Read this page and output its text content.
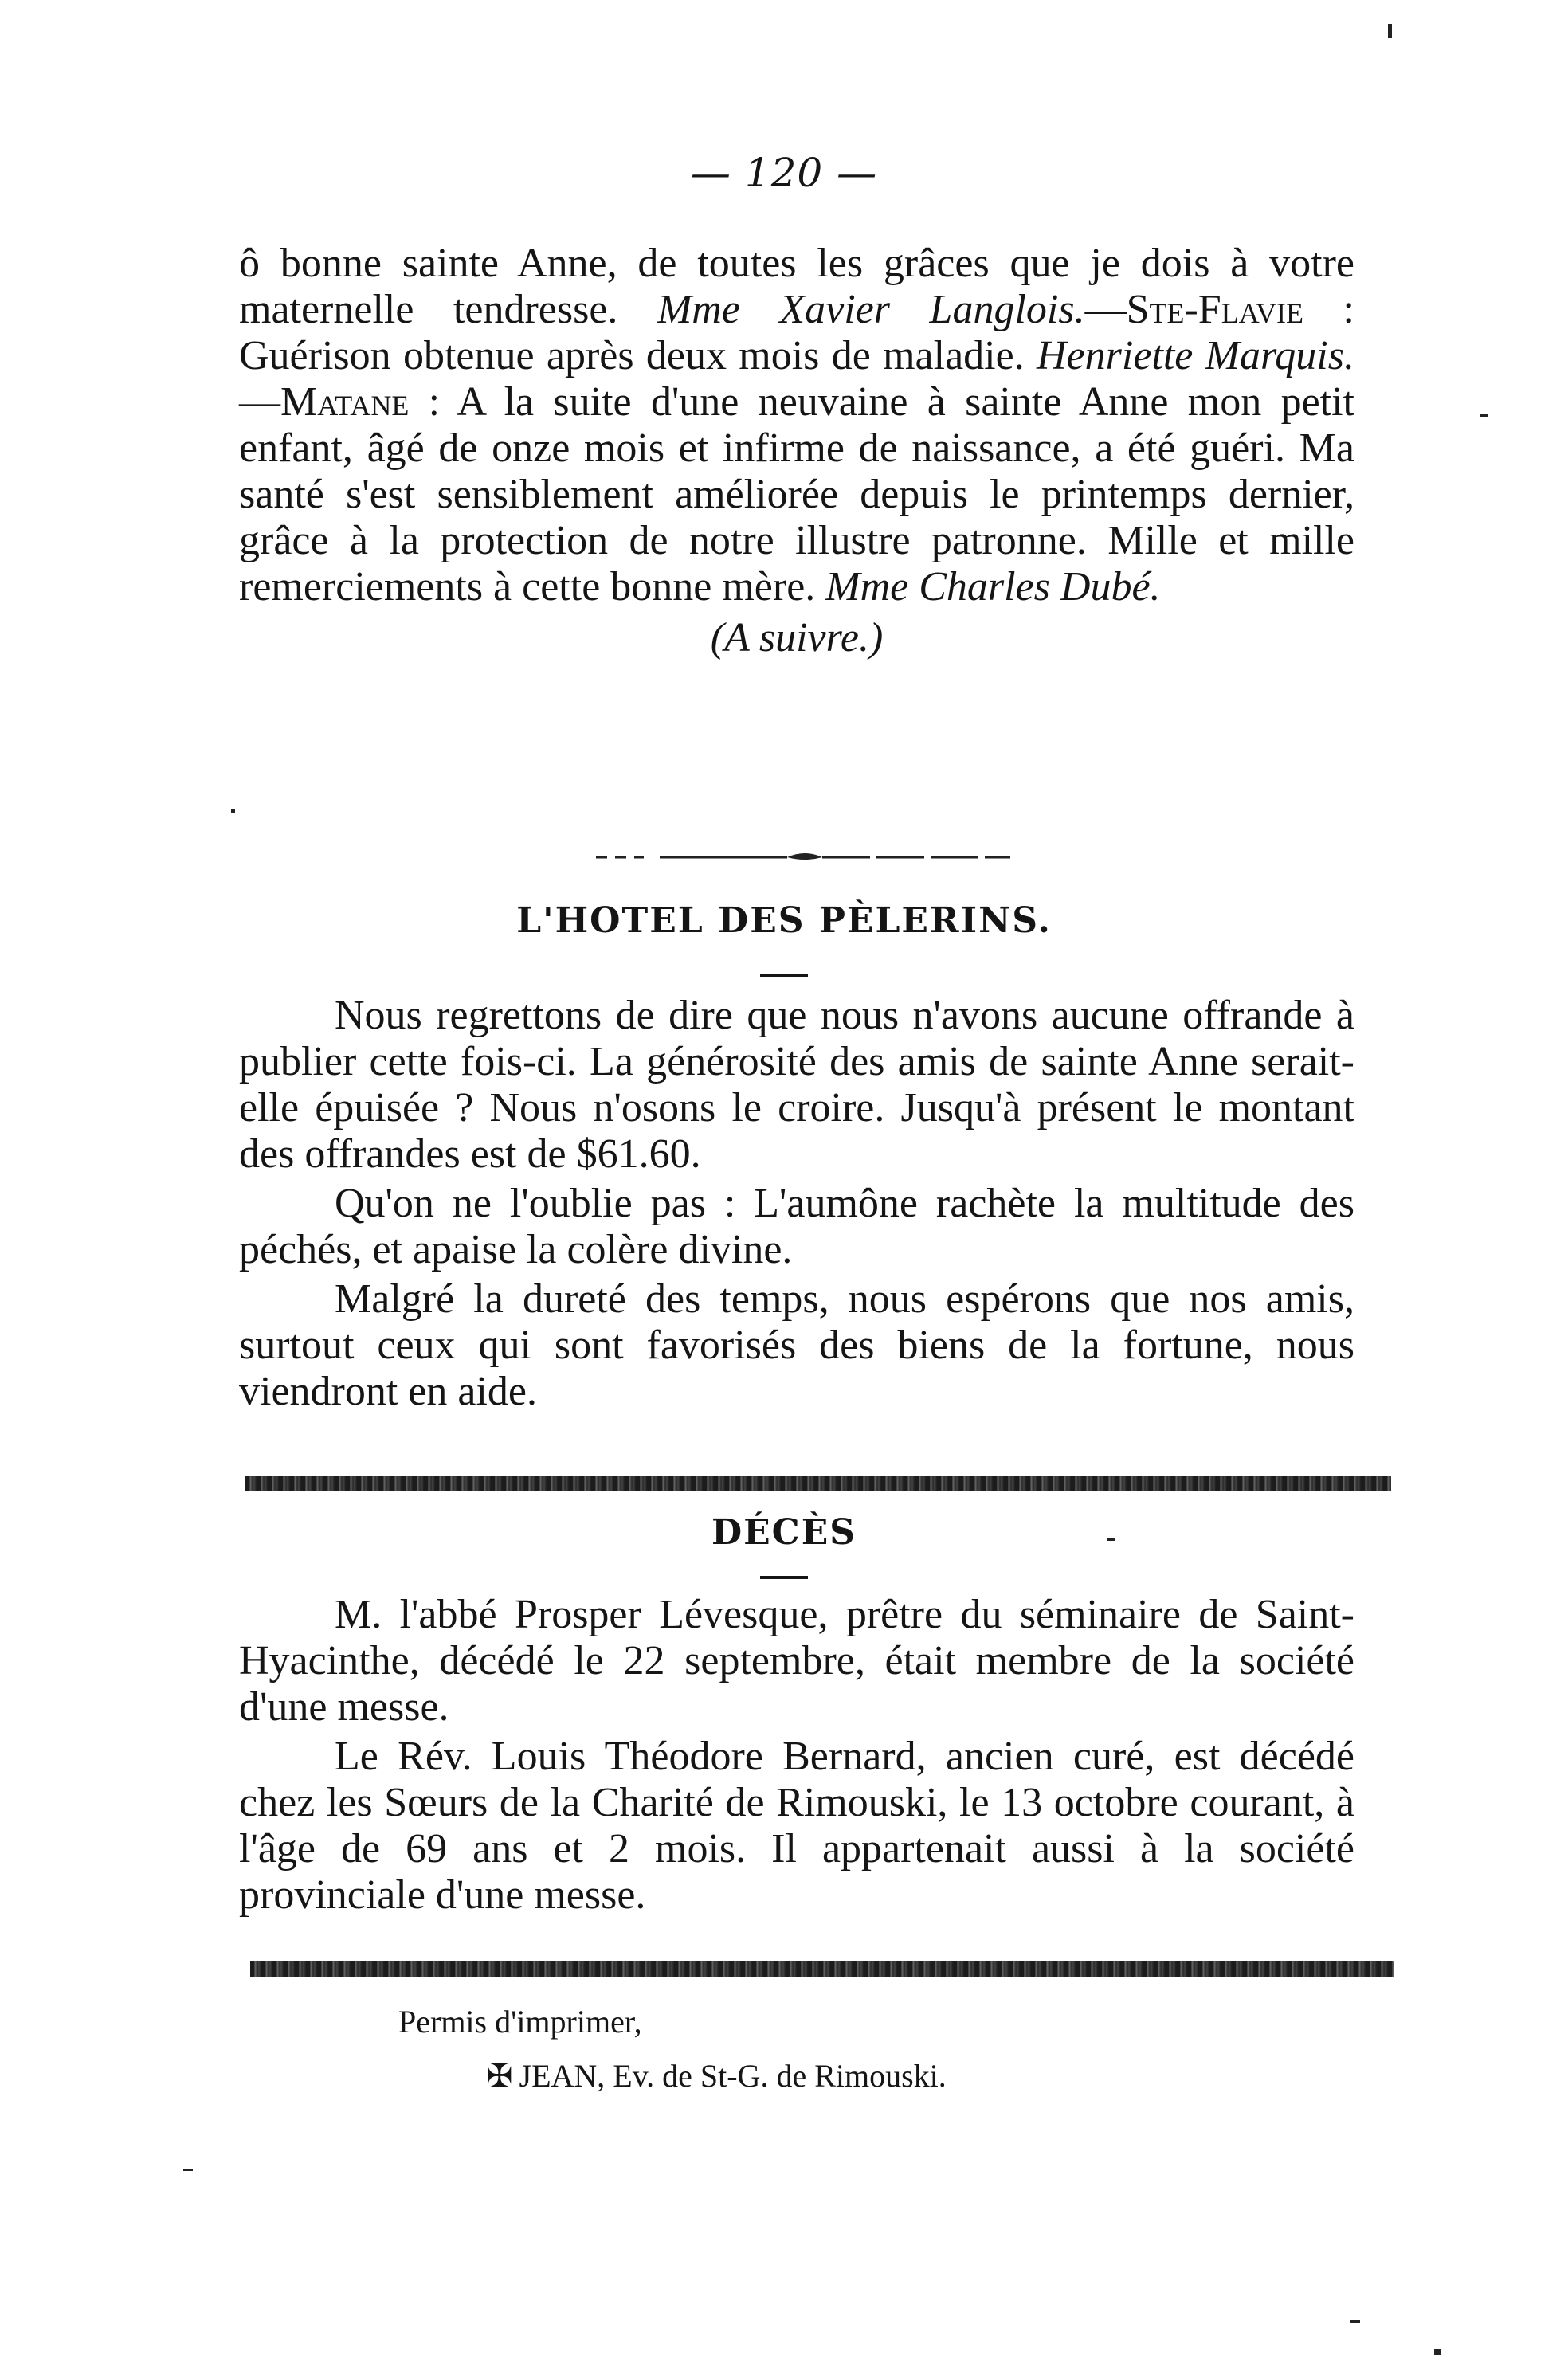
— 120 —

ô bonne sainte Anne, de toutes les grâces que je dois à votre maternelle tendresse. Mme Xavier Langlois.—Ste-Flavie : Guérison obtenue après deux mois de maladie. Henriette Marquis.—Matane : A la suite d'une neuvaine à sainte Anne mon petit enfant, âgé de onze mois et infirme de naissance, a été guéri. Ma santé s'est sensiblement améliorée depuis le printemps dernier, grâce à la protection de notre illustre patronne. Mille et mille remerciements à cette bonne mère. Mme Charles Dubé.

(A suivre.)
L'HOTEL DES PÈLERINS.

Nous regrettons de dire que nous n'avons aucune offrande à publier cette fois-ci. La générosité des amis de sainte Anne serait-elle épuisée ? Nous n'osons le croire. Jusqu'à présent le montant des offrandes est de $61.60.

Qu'on ne l'oublie pas : L'aumône rachète la multitude des péchés, et apaise la colère divine.

Malgré la dureté des temps, nous espérons que nos amis, surtout ceux qui sont favorisés des biens de la fortune, nous viendront en aide.

DÉCÈS

M. l'abbé Prosper Lévesque, prêtre du séminaire de Saint-Hyacinthe, décédé le 22 septembre, était membre de la société d'une messe.

Le Rév. Louis Théodore Bernard, ancien curé, est décédé chez les Sœurs de la Charité de Rimouski, le 13 octobre courant, à l'âge de 69 ans et 2 mois. Il appartenait aussi à la société provinciale d'une messe.

Permis d'imprimer,
✠ JEAN, Ev. de St-G. de Rimouski.
